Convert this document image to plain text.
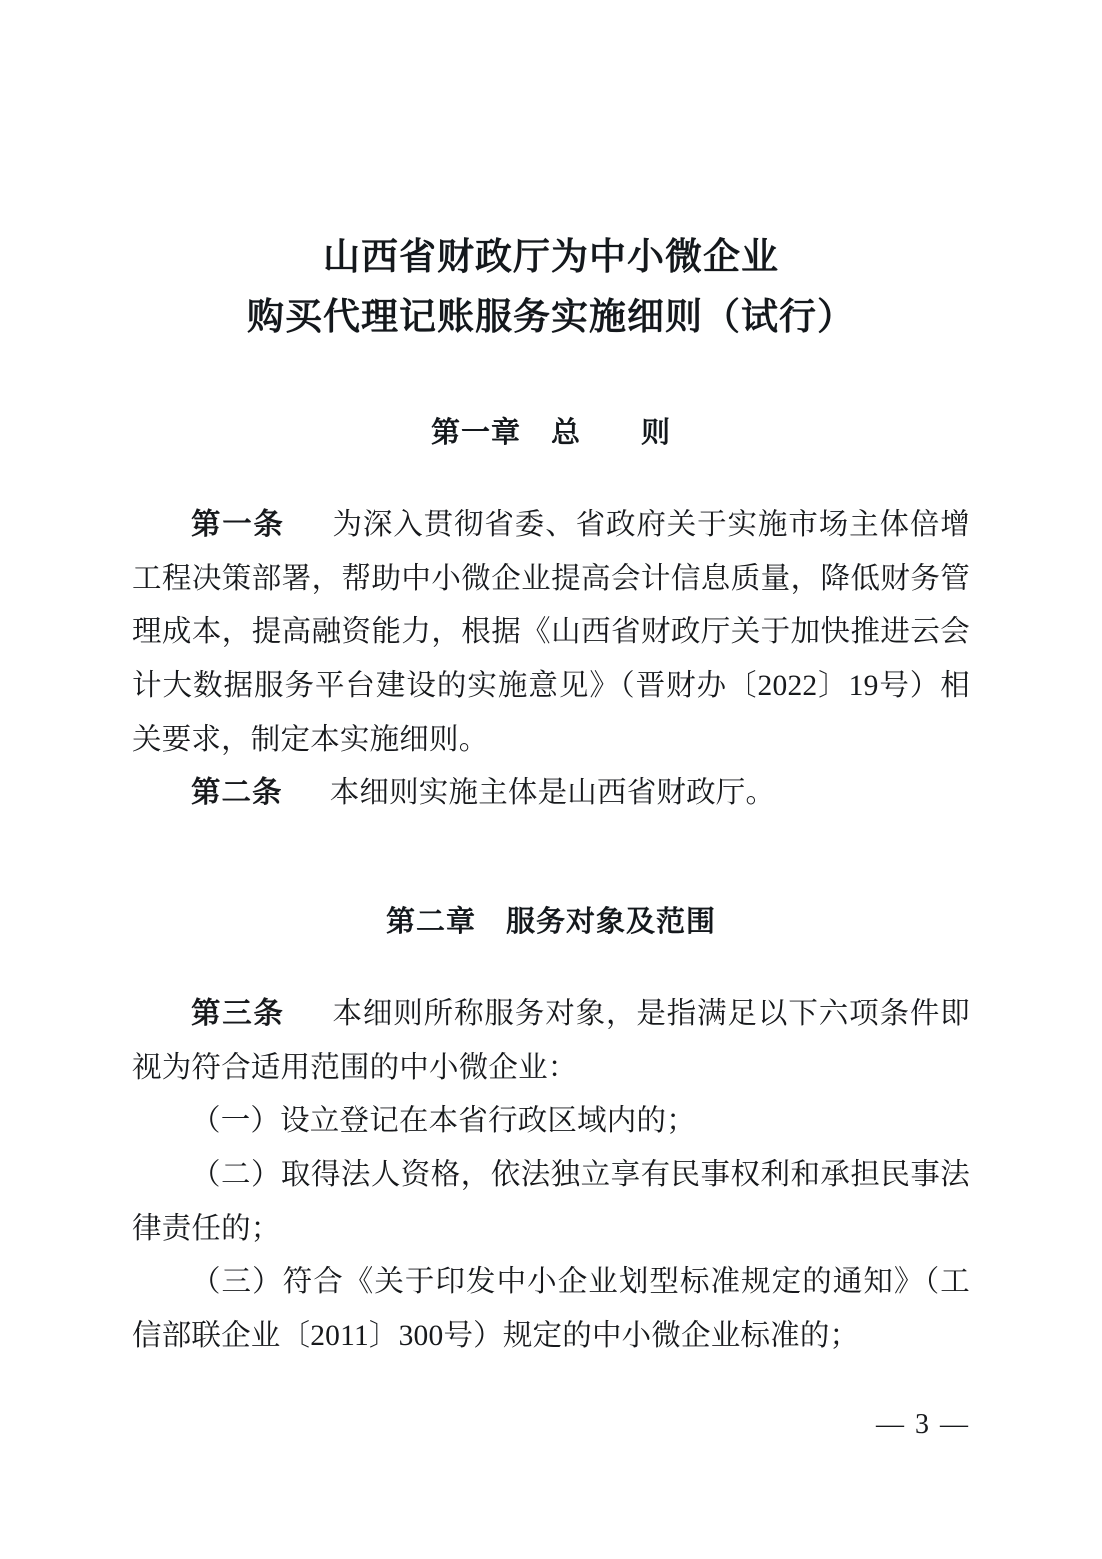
山西省财政厅为中小微企业
购买代理记账服务实施细则（试行）
第一章　总　　则

第一条 为深入贯彻省委、省政府关于实施市场主体倍增工程决策部署，帮助中小微企业提高会计信息质量，降低财务管理成本，提高融资能力，根据《山西省财政厅关于加快推进云会计大数据服务平台建设的实施意见》（晋财办〔2022〕19号）相关要求，制定本实施细则。

第二条 本细则实施主体是山西省财政厅。

第二章　服务对象及范围

第三条 本细则所称服务对象，是指满足以下六项条件即视为符合适用范围的中小微企业：

（一）设立登记在本省行政区域内的；

（二）取得法人资格，依法独立享有民事权利和承担民事法律责任的；

（三）符合《关于印发中小企业划型标准规定的通知》（工信部联企业〔2011〕300号）规定的中小微企业标准的；

— 3 —
